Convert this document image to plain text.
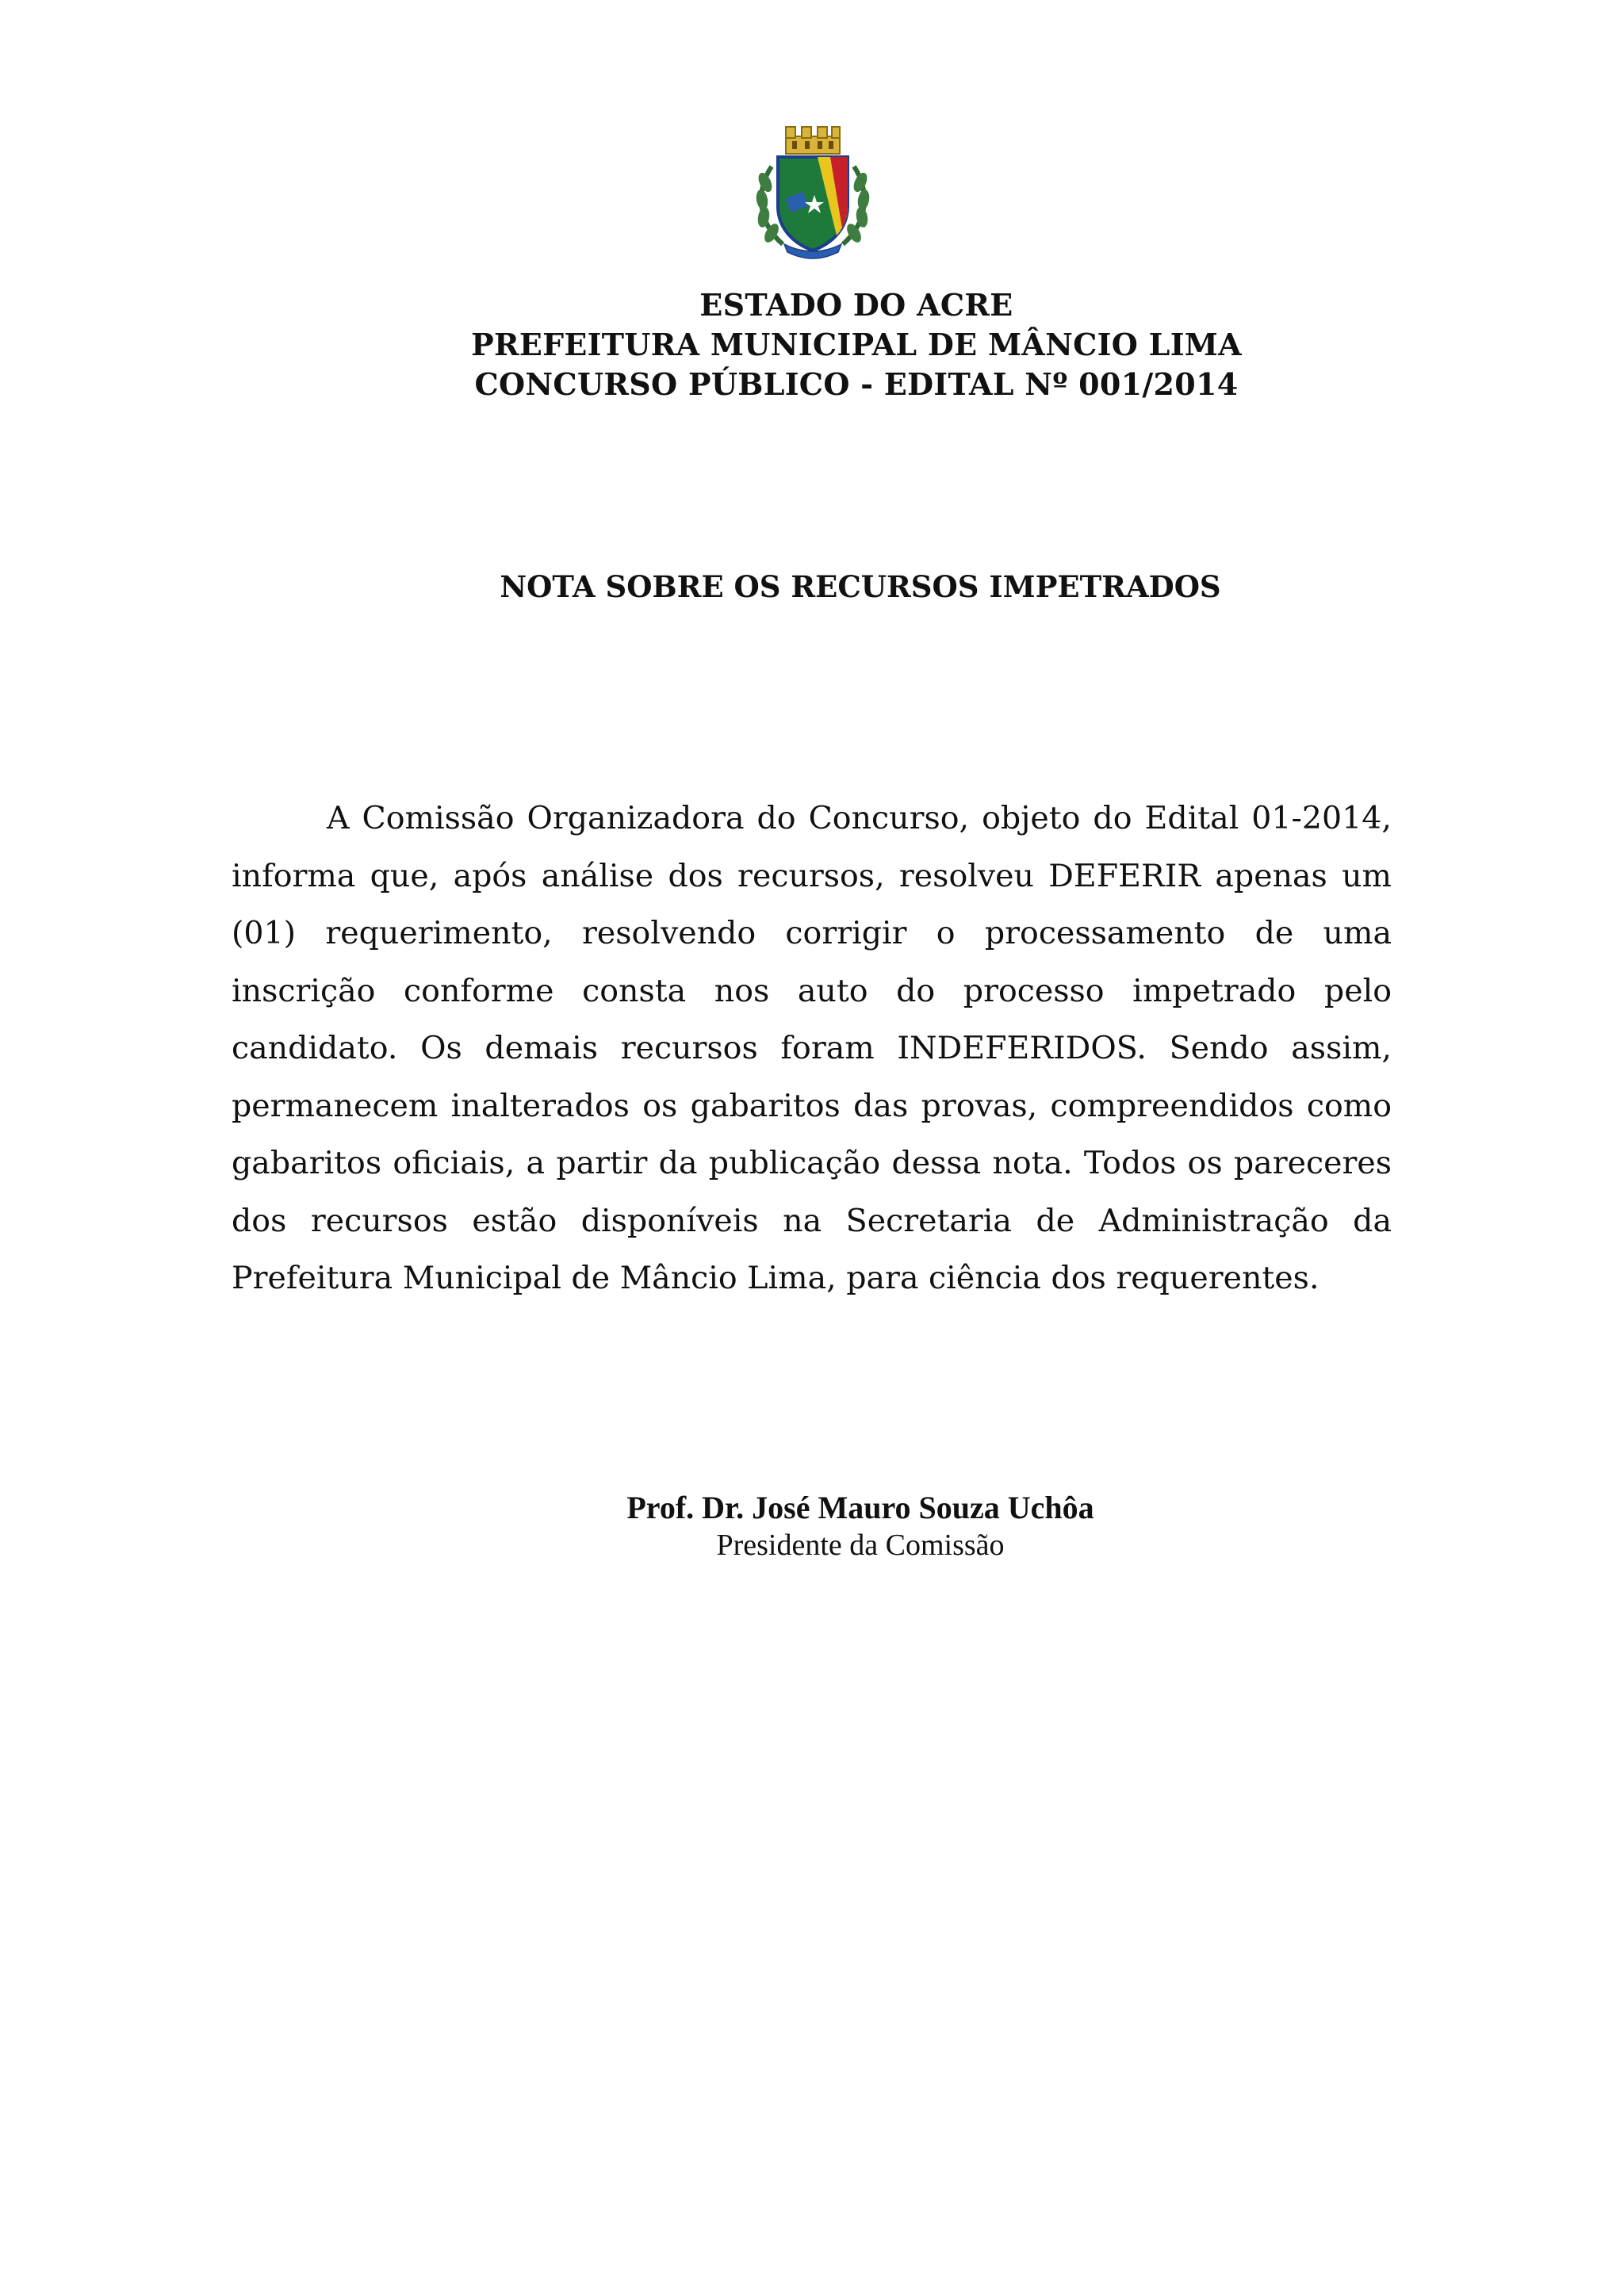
ESTADO DO ACRE
PREFEITURA MUNICIPAL DE MÂNCIO LIMA
CONCURSO PÚBLICO - EDITAL Nº 001/2014
NOTA SOBRE OS RECURSOS IMPETRADOS

A Comissão Organizadora do Concurso, objeto do Edital 01-2014, informa que, após análise dos recursos, resolveu DEFERIR apenas um (01) requerimento, resolvendo corrigir o processamento de uma inscrição conforme consta nos auto do processo impetrado pelo candidato. Os demais recursos foram INDEFERIDOS. Sendo assim, permanecem inalterados os gabaritos das provas, compreendidos como gabaritos oficiais, a partir da publicação dessa nota. Todos os pareceres dos recursos estão disponíveis na Secretaria de Administração da Prefeitura Municipal de Mâncio Lima, para ciência dos requerentes.

Prof. Dr. José Mauro Souza Uchôa
Presidente da Comissão
